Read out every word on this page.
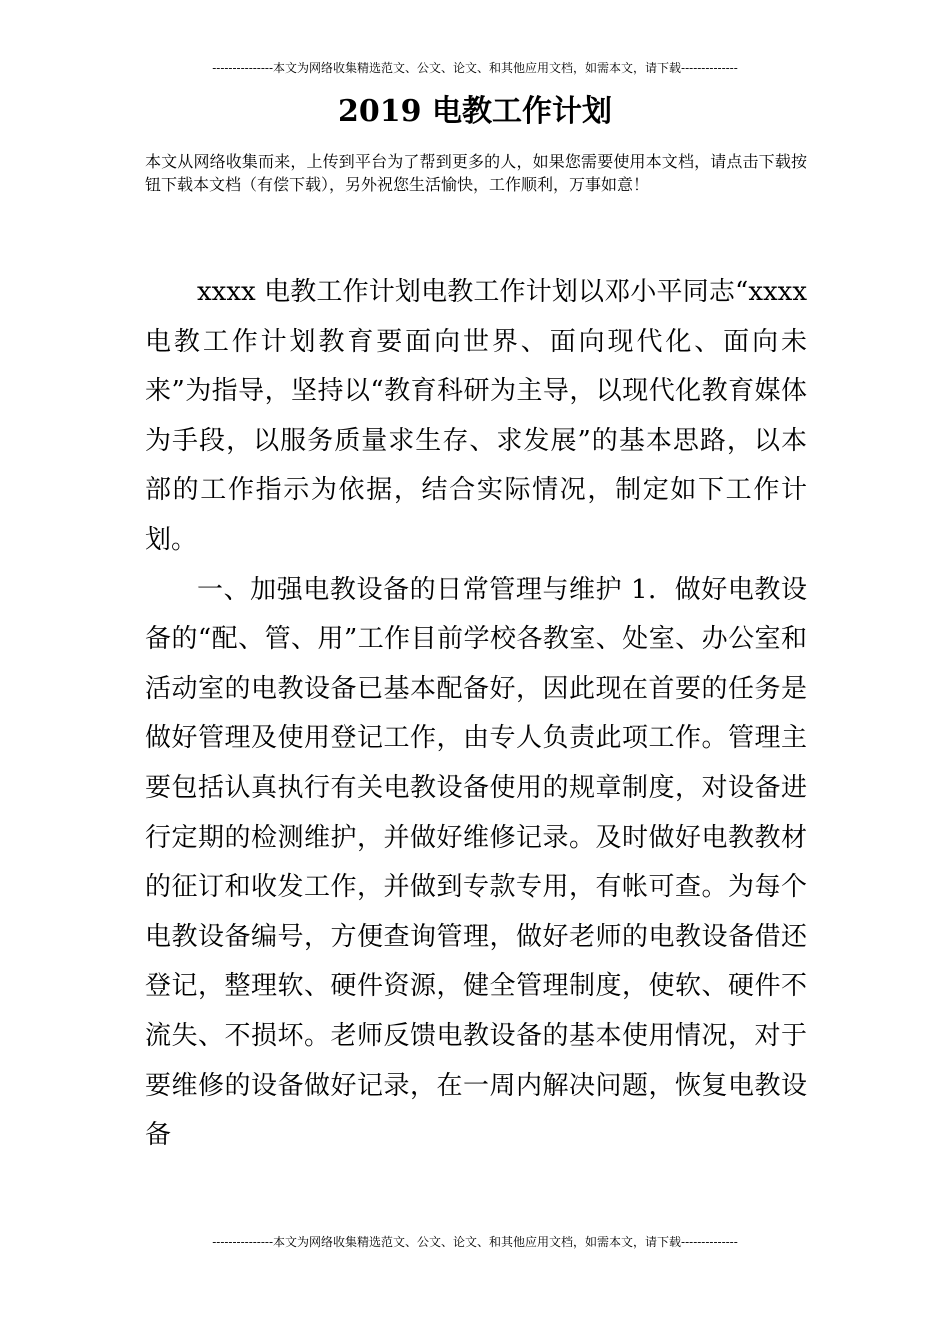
---------------本文为网络收集精选范文、公文、论文、和其他应用文档，如需本文，请下载--------------
2019 电教工作计划

本文从网络收集而来，上传到平台为了帮到更多的人，如果您需要使用本文档，请点击下载按钮下载本文档（有偿下载），另外祝您生活愉快，工作顺利，万事如意！

xxxx 电教工作计划电教工作计划以邓小平同志“xxxx 电教工作计划教育要面向世界、面向现代化、面向未来”为指导，坚持以“教育科研为主导，以现代化教育媒体为手段，以服务质量求生存、求发展”的基本思路，以本部的工作指示为依据，结合实际情况，制定如下工作计划。

一、加强电教设备的日常管理与维护 1．做好电教设备的“配、管、用”工作目前学校各教室、处室、办公室和活动室的电教设备已基本配备好，因此现在首要的任务是做好管理及使用登记工作，由专人负责此项工作。管理主要包括认真执行有关电教设备使用的规章制度，对设备进行定期的检测维护，并做好维修记录。及时做好电教教材的征订和收发工作，并做到专款专用，有帐可查。为每个电教设备编号，方便查询管理，做好老师的电教设备借还登记，整理软、硬件资源，健全管理制度，使软、硬件不流失、不损坏。老师反馈电教设备的基本使用情况，对于要维修的设备做好记录，在一周内解决问题，恢复电教设备

---------------本文为网络收集精选范文、公文、论文、和其他应用文档，如需本文，请下载--------------
